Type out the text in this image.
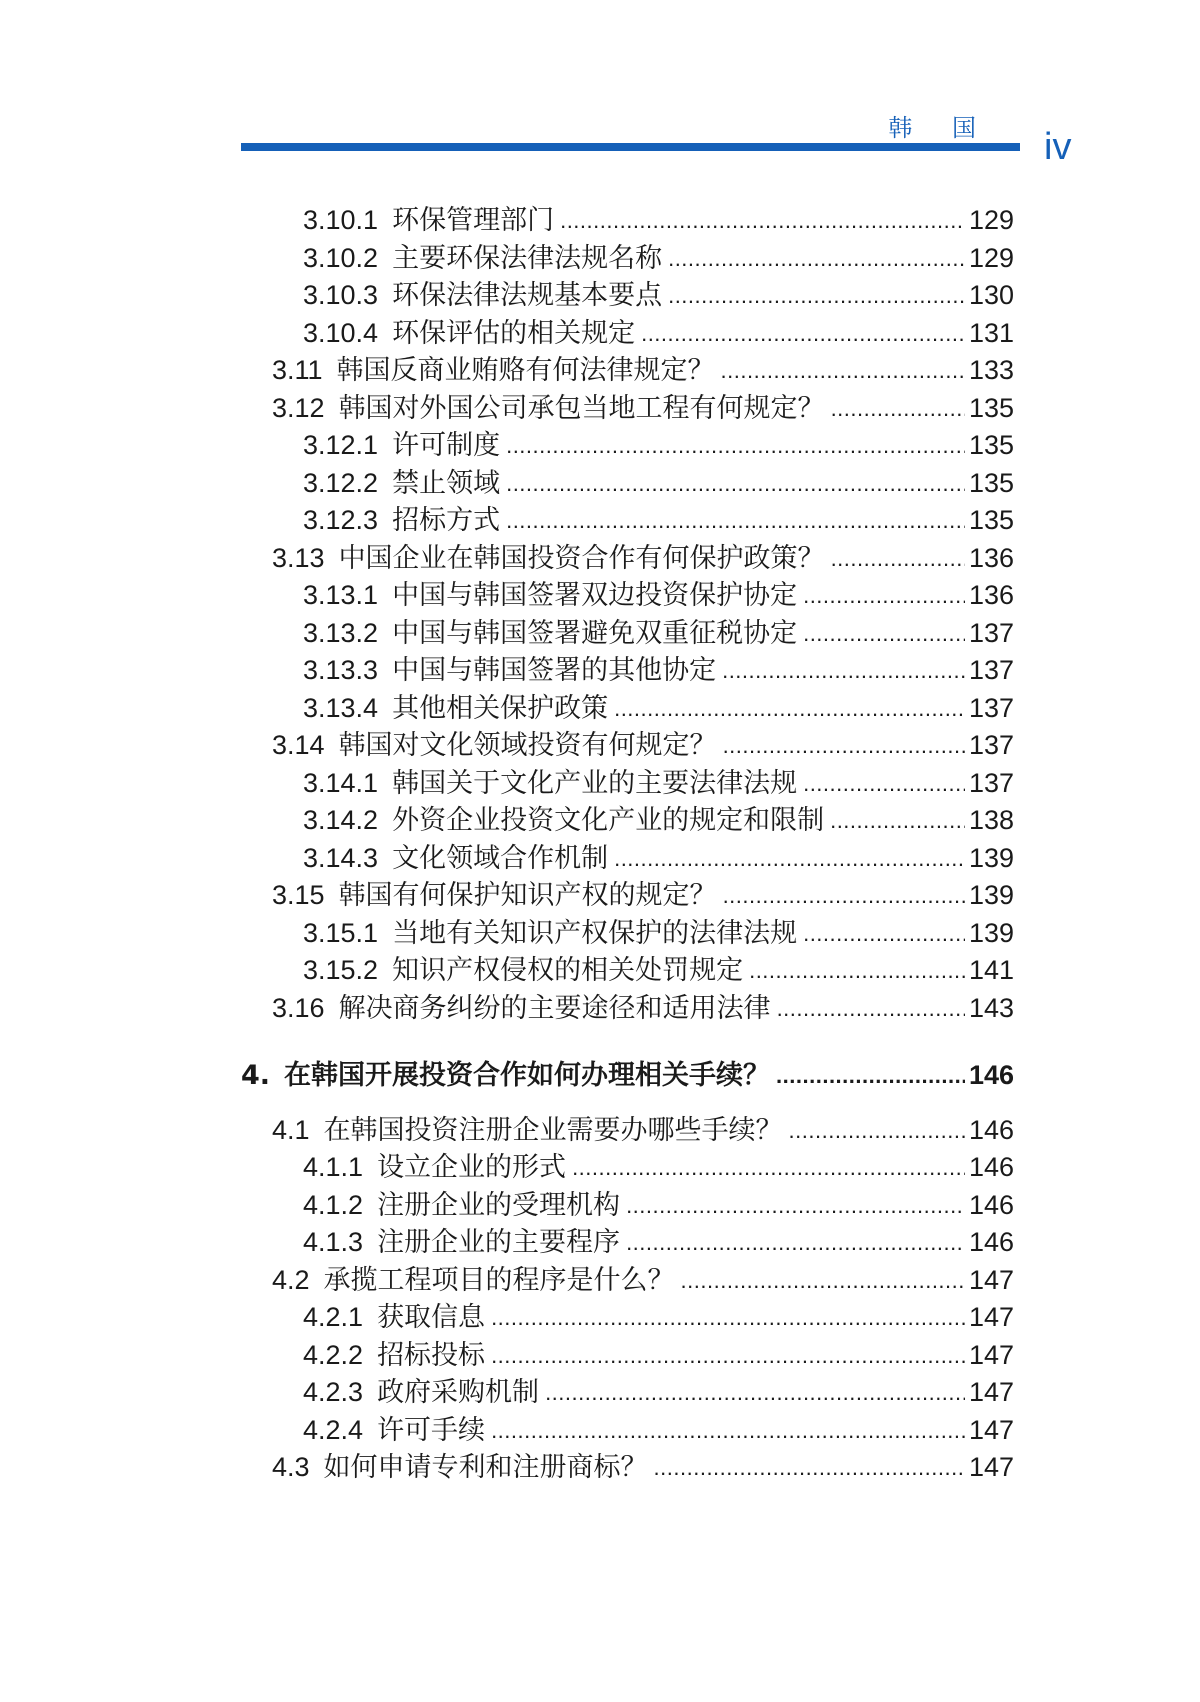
韩 国 iv
3.10.1 环保管理部门 .....	129
3.10.2 主要环保法律法规名称 .....	129
3.10.3 环保法律法规基本要点 .....	130
3.10.4 环保评估的相关规定 .....	131
3.11 韩国反商业贿赂有何法律规定？ .....	133
3.12 韩国对外国公司承包当地工程有何规定？ .....	135
3.12.1 许可制度 .....	135
3.12.2 禁止领域 .....	135
3.12.3 招标方式 .....	135
3.13 中国企业在韩国投资合作有何保护政策？ .....	136
3.13.1 中国与韩国签署双边投资保护协定 .....	136
3.13.2 中国与韩国签署避免双重征税协定 .....	137
3.13.3 中国与韩国签署的其他协定 .....	137
3.13.4 其他相关保护政策 .....	137
3.14 韩国对文化领域投资有何规定？ .....	137
3.14.1 韩国关于文化产业的主要法律法规 .....	137
3.14.2 外资企业投资文化产业的规定和限制 .....	138
3.14.3 文化领域合作机制 .....	139
3.15 韩国有何保护知识产权的规定？ .....	139
3.15.1 当地有关知识产权保护的法律法规 .....	139
3.15.2 知识产权侵权的相关处罚规定 .....	141
3.16 解决商务纠纷的主要途径和适用法律 .....	143
4. 在韩国开展投资合作如何办理相关手续？ .....	146
4.1 在韩国投资注册企业需要办哪些手续？ .....	146
4.1.1 设立企业的形式 .....	146
4.1.2 注册企业的受理机构 .....	146
4.1.3 注册企业的主要程序 .....	146
4.2 承揽工程项目的程序是什么？ .....	147
4.2.1 获取信息 .....	147
4.2.2 招标投标 .....	147
4.2.3 政府采购机制 .....	147
4.2.4 许可手续 .....	147
4.3 如何申请专利和注册商标？ .....	147
